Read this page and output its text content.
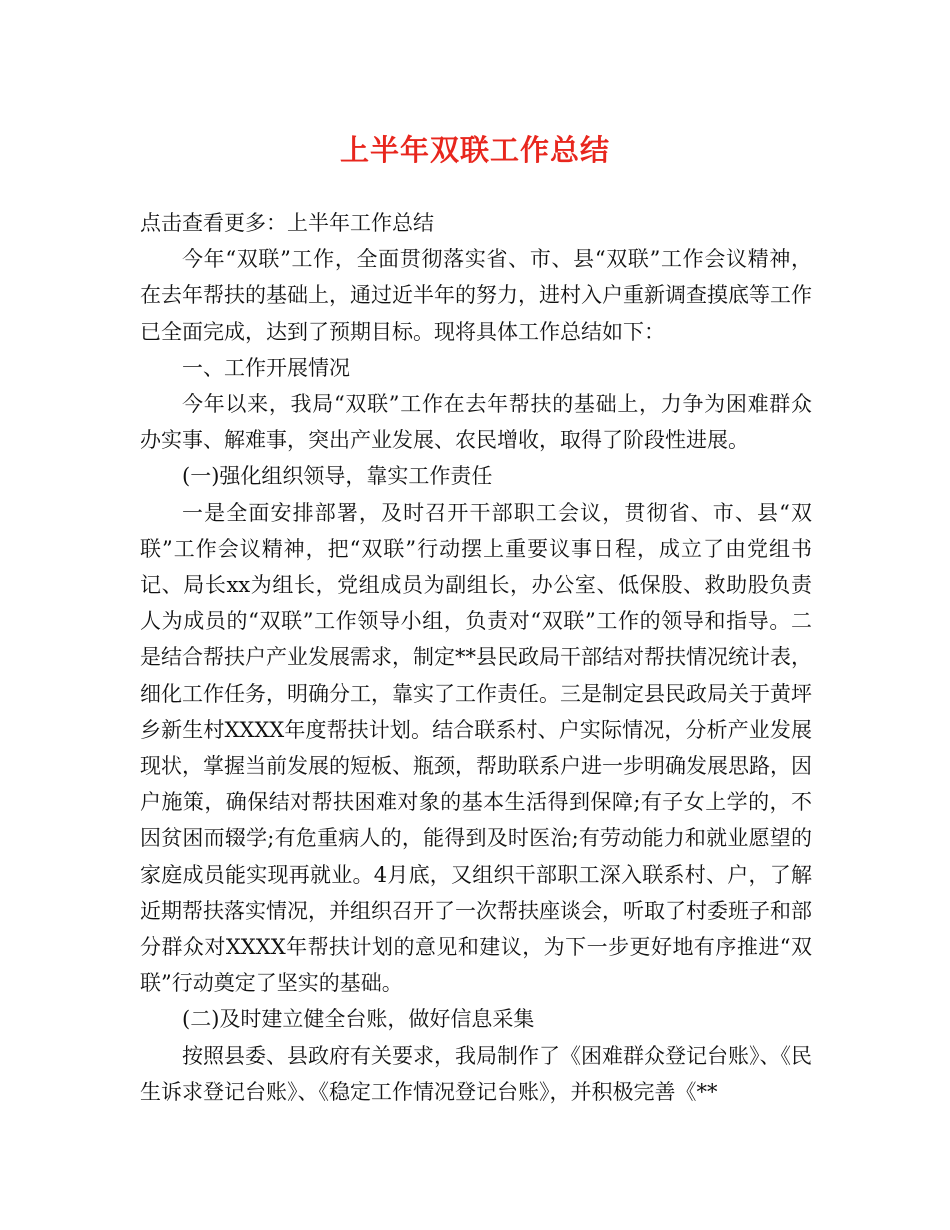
上半年双联工作总结

点击查看更多：上半年工作总结

今年“双联”工作，全面贯彻落实省、市、县“双联”工作会议精神，在去年帮扶的基础上，通过近半年的努力，进村入户重新调查摸底等工作已全面完成，达到了预期目标。现将具体工作总结如下：

一、工作开展情况

今年以来，我局“双联”工作在去年帮扶的基础上，力争为困难群众办实事、解难事，突出产业发展、农民增收，取得了阶段性进展。

(一)强化组织领导，靠实工作责任

一是全面安排部署，及时召开干部职工会议，贯彻省、市、县“双联”工作会议精神，把“双联”行动摆上重要议事日程，成立了由党组书记、局长xx为组长，党组成员为副组长，办公室、低保股、救助股负责人为成员的“双联”工作领导小组，负责对“双联”工作的领导和指导。二是结合帮扶户产业发展需求，制定**县民政局干部结对帮扶情况统计表，细化工作任务，明确分工，靠实了工作责任。三是制定县民政局关于黄坪乡新生村XXXX年度帮扶计划。结合联系村、户实际情况，分析产业发展现状，掌握当前发展的短板、瓶颈，帮助联系户进一步明确发展思路，因户施策，确保结对帮扶困难对象的基本生活得到保障;有子女上学的，不因贫困而辍学;有危重病人的，能得到及时医治;有劳动能力和就业愿望的家庭成员能实现再就业。4月底，又组织干部职工深入联系村、户，了解近期帮扶落实情况，并组织召开了一次帮扶座谈会，听取了村委班子和部分群众对XXXX年帮扶计划的意见和建议，为下一步更好地有序推进“双联”行动奠定了坚实的基础。

(二)及时建立健全台账，做好信息采集

按照县委、县政府有关要求，我局制作了《困难群众登记台账》、《民生诉求登记台账》、《稳定工作情况登记台账》，并积极完善《**
